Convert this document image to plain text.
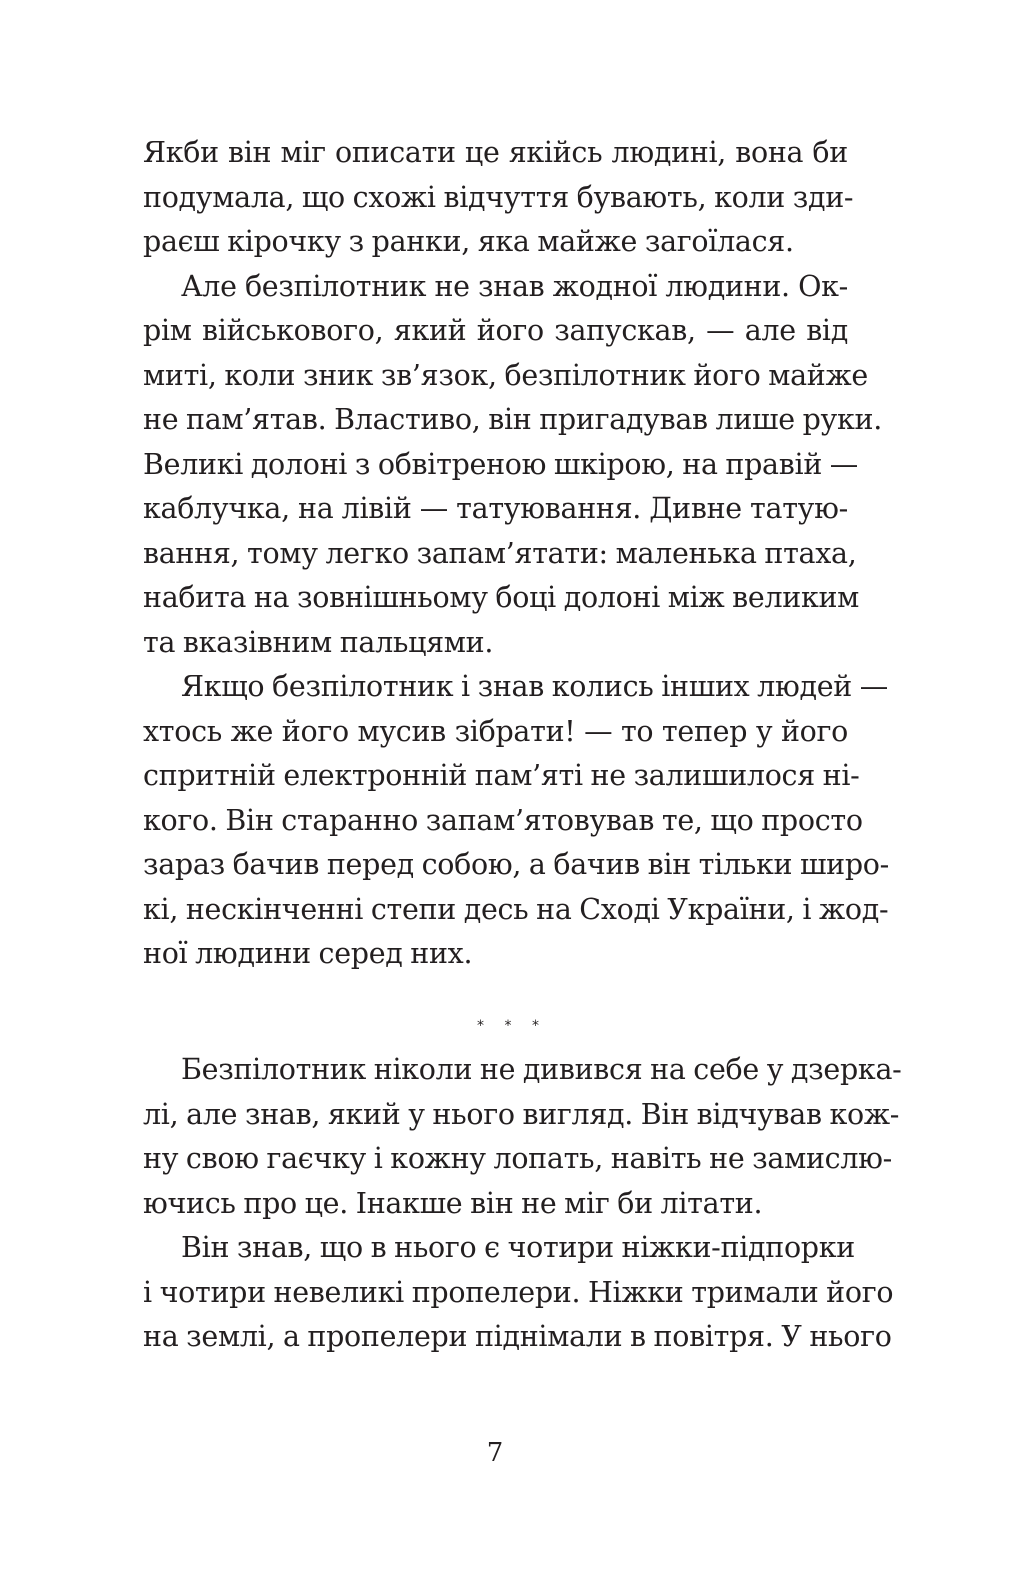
Якби він міг описати це якійсь людині, вона би
подумала, що схожі відчуття бувають, коли зди-
раєш кірочку з ранки, яка майже загоїлася.

Але безпілотник не знав жодної людини. Ок-
рім військового, який його запускав, — але від
миті, коли зник зв’язок, безпілотник його майже
не пам’ятав. Властиво, він пригадував лише руки.
Великі долоні з обвітреною шкірою, на правій —
каблучка, на лівій — татуювання. Дивне татую-
вання, тому легко запам’ятати: маленька птаха,
набита на зовнішньому боці долоні між великим
та вказівним пальцями.

Якщо безпілотник і знав колись інших людей —
хтось же його мусив зібрати! — то тепер у його
спритній електронній пам’яті не залишилося ні-
кого. Він старанно запам’ятовував те, що просто
зараз бачив перед собою, а бачив він тільки широ-
кі, нескінченні степи десь на Сході України, і жод-
ної людини серед них.

* * *

Безпілотник ніколи не дивився на себе у дзерка-
лі, але знав, який у нього вигляд. Він відчував кож-
ну свою гаєчку і кожну лопать, навіть не замислю-
ючись про це. Інакше він не міг би літати.

Він знав, що в нього є чотири ніжки-підпорки
і чотири невеликі пропелери. Ніжки тримали його
на землі, а пропелери піднімали в повітря. У нього

7
